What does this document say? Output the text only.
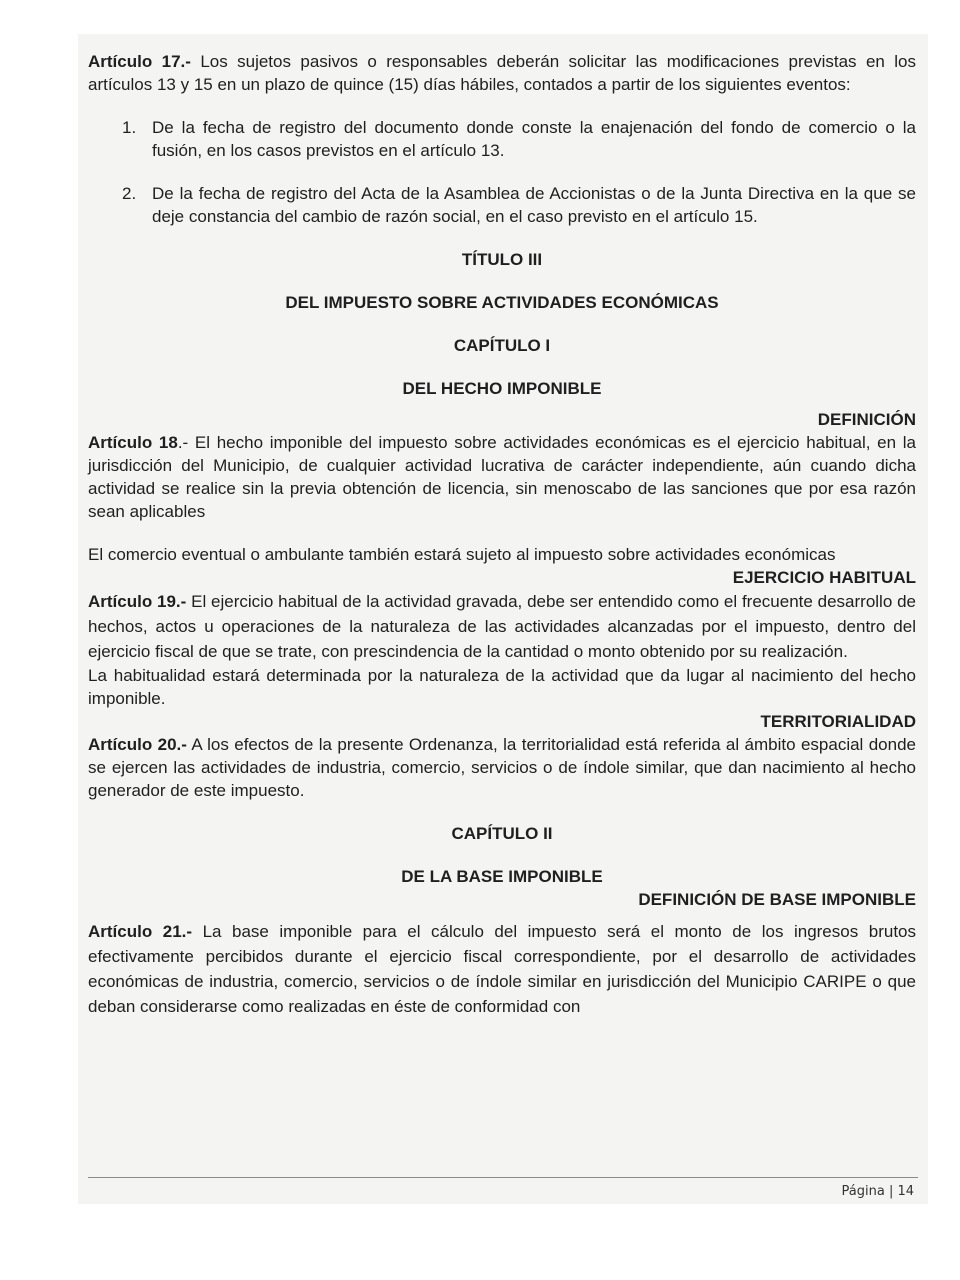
Artículo 17.- Los sujetos pasivos o responsables deberán solicitar las modificaciones previstas en los artículos 13 y 15 en un plazo de quince (15) días hábiles, contados a partir de los siguientes eventos:

1. De la fecha de registro del documento donde conste la enajenación del fondo de comercio o la fusión, en los casos previstos en el artículo 13.
2. De la fecha de registro del Acta de la Asamblea de Accionistas o de la Junta Directiva en la que se deje constancia del cambio de razón social, en el caso previsto en el artículo 15.

TÍTULO III

DEL IMPUESTO SOBRE ACTIVIDADES ECONÓMICAS

CAPÍTULO I

DEL HECHO IMPONIBLE

DEFINICIÓN

Artículo 18.- El hecho imponible del impuesto sobre actividades económicas es el ejercicio habitual, en la jurisdicción del Municipio, de cualquier actividad lucrativa de carácter independiente, aún cuando dicha actividad se realice sin la previa obtención de licencia, sin menoscabo de las sanciones que por esa razón sean aplicables

El comercio eventual o ambulante también estará sujeto al impuesto sobre actividades económicas

EJERCICIO HABITUAL

Artículo 19.- El ejercicio habitual de la actividad gravada, debe ser entendido como el frecuente desarrollo de hechos, actos u operaciones de la naturaleza de las actividades alcanzadas por el impuesto, dentro del ejercicio fiscal de que se trate, con prescindencia de la cantidad o monto obtenido por su realización.

La habitualidad estará determinada por la naturaleza de la actividad que da lugar al nacimiento del hecho imponible.

TERRITORIALIDAD

Artículo 20.- A los efectos de la presente Ordenanza, la territorialidad está referida al ámbito espacial donde se ejercen las actividades de industria, comercio, servicios o de índole similar, que dan nacimiento al hecho generador de este impuesto.

CAPÍTULO II

DE LA BASE IMPONIBLE

DEFINICIÓN DE BASE IMPONIBLE

Artículo 21.- La base imponible para el cálculo del impuesto será el monto de los ingresos brutos efectivamente percibidos durante el ejercicio fiscal correspondiente, por el desarrollo de actividades económicas de industria, comercio, servicios o de índole similar en jurisdicción del Municipio CARIPE o que deban considerarse como realizadas en éste de conformidad con

Página | 14
